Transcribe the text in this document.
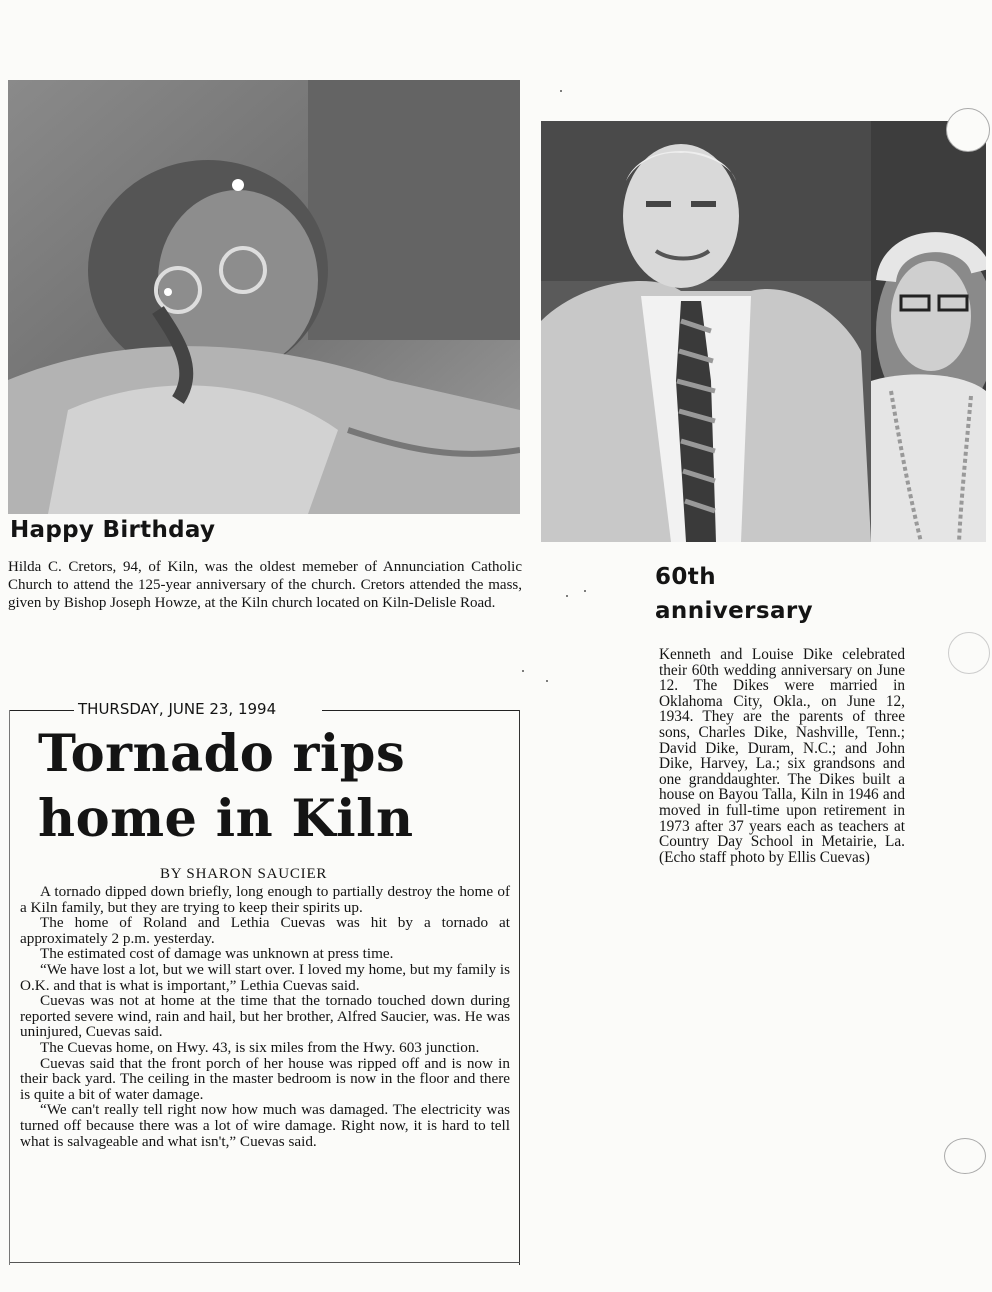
Happy Birthday

Hilda C. Cretors, 94, of Kiln, was the oldest memeber of Annunciation Catholic Church to attend the 125-year anniversary of the church. Cretors attended the mass, given by Bishop Joseph Howze, at the Kiln church located on Kiln-Delisle Road.

60th
anniversary

Kenneth and Louise Dike celebrated their 60th wedding anniversary on June 12. The Dikes were married in Oklahoma City, Okla., on June 12, 1934. They are the parents of three sons, Charles Dike, Nashville, Tenn.; David Dike, Duram, N.C.; and John Dike, Harvey, La.; six grandsons and one granddaughter. The Dikes built a house on Bayou Talla, Kiln in 1946 and moved in full-time upon retirement in 1973 after 37 years each as teachers at Country Day School in Metairie, La. (Echo staff photo by Ellis Cuevas)

THURSDAY, JUNE 23, 1994

Tornado rips
home in Kiln

BY SHARON SAUCIER

A tornado dipped down briefly, long enough to partially destroy the home of a Kiln family, but they are trying to keep their spirits up.

The home of Roland and Lethia Cuevas was hit by a tornado at approximately 2 p.m. yesterday.

The estimated cost of damage was unknown at press time.

“We have lost a lot, but we will start over. I loved my home, but my family is O.K. and that is what is important,” Lethia Cuevas said.

Cuevas was not at home at the time that the tornado touched down during reported severe wind, rain and hail, but her brother, Alfred Saucier, was. He was uninjured, Cuevas said.

The Cuevas home, on Hwy. 43, is six miles from the Hwy. 603 junction.

Cuevas said that the front porch of her house was ripped off and is now in their back yard. The ceiling in the master bedroom is now in the floor and there is quite a bit of water damage.

“We can't really tell right now how much was damaged. The electricity was turned off because there was a lot of wire damage. Right now, it is hard to tell what is salvageable and what isn't,” Cuevas said.
